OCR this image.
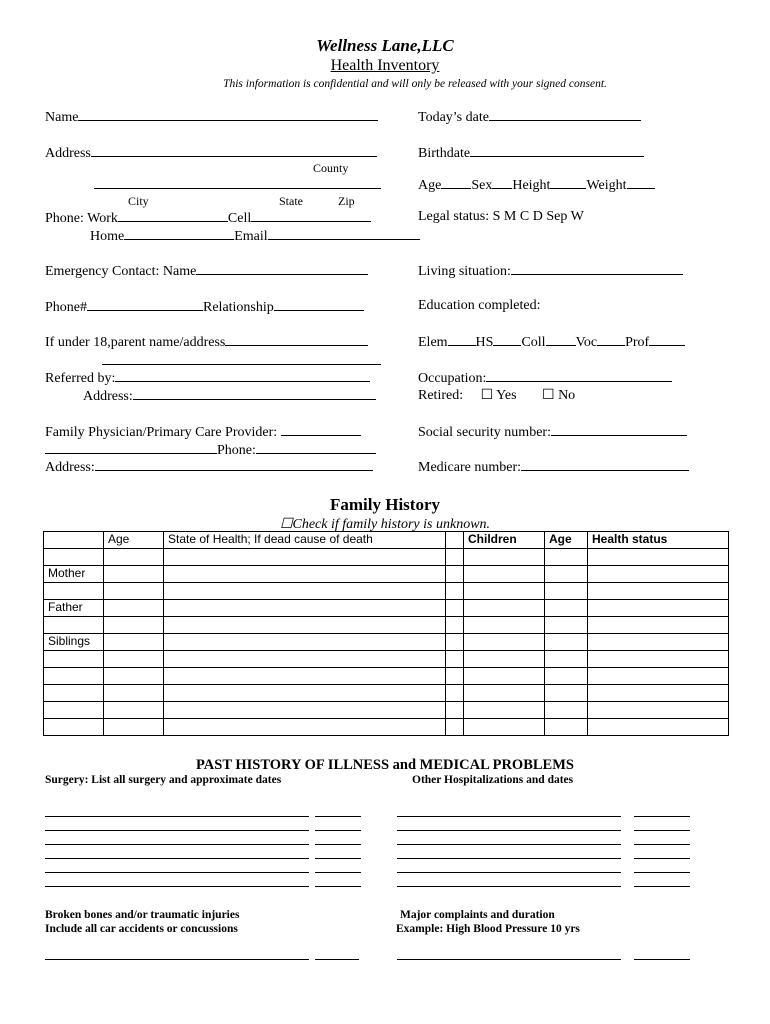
Wellness Lane,LLC
Health Inventory
This information is confidential and will only be released with your signed consent.
Name
Address
County
City	State	Zip
Phone: Work	Cell
Home	Email
Emergency Contact: Name
Phone#	Relationship
If under 18,parent name/address
Referred by:
Address:
Family Physician/Primary Care Provider:
Phone:
Address:
Today’s date
Birthdate
Age Sex Height	Weight
Legal status: S M C D Sep W
Living situation:
Education completed:
Elem HS Coll Voc Prof
Occupation:
Retired: ☐ Yes ☐ No
Social security number:
Medicare number:
Family History
☐Check if family history is unknown.
	Age	State of Health; If dead cause of death		Children	Age	Health status

Mother						

Father						

Siblings						

PAST HISTORY OF ILLNESS and MEDICAL PROBLEMS
Surgery: List all surgery and approximate dates	Other Hospitalizations and dates
Broken bones and/or traumatic injuries
Include all car accidents or concussions
Major complaints and duration
Example: High Blood Pressure 10 yrs
